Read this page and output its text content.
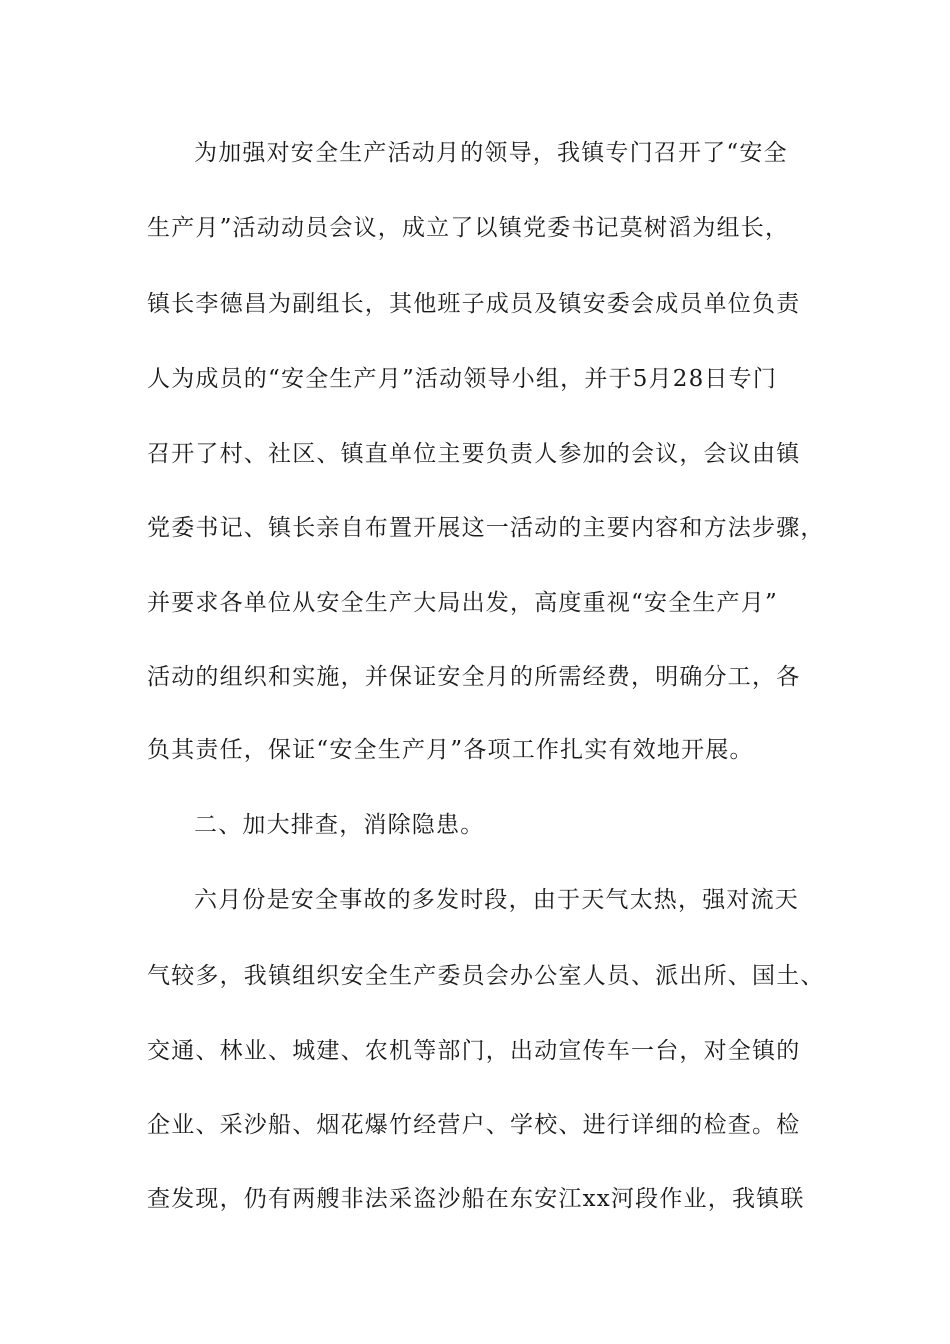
为加强对安全生产活动月的领导，我镇专门召开了“安全
生产月”活动动员会议，成立了以镇党委书记莫树滔为组长，
镇长李德昌为副组长，其他班子成员及镇安委会成员单位负责
人为成员的“安全生产月”活动领导小组，并于5月28日专门
召开了村、社区、镇直单位主要负责人参加的会议，会议由镇
党委书记、镇长亲自布置开展这一活动的主要内容和方法步骤，
并要求各单位从安全生产大局出发，高度重视“安全生产月”
活动的组织和实施，并保证安全月的所需经费，明确分工，各
负其责任，保证“安全生产月”各项工作扎实有效地开展。
二、加大排查，消除隐患。
六月份是安全事故的多发时段，由于天气太热，强对流天
气较多，我镇组织安全生产委员会办公室人员、派出所、国土、
交通、林业、城建、农机等部门，出动宣传车一台，对全镇的
企业、采沙船、烟花爆竹经营户、学校、进行详细的检查。检
查发现，仍有两艘非法采盗沙船在东安江xx河段作业，我镇联
